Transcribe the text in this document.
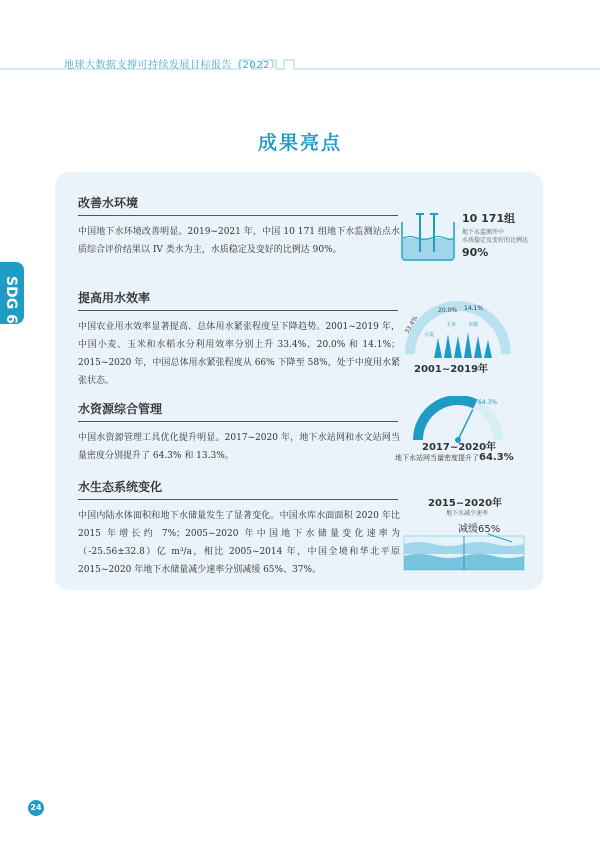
地球大数据支撑可持续发展目标报告（2022）
成果亮点
SDG 6
改善水环境
中国地下水环境改善明显。2019~2021 年，中国 10 171 组地下水监测站点水质综合评价结果以 IV 类水为主，水质稳定及变好的比例达 90%。
提高用水效率
中国农业用水效率显著提高、总体用水紧张程度呈下降趋势。2001~2019 年，中国小麦、玉米和水稻水分利用效率分别上升 33.4%、20.0% 和 14.1%；2015~2020 年，中国总体用水紧张程度从 66% 下降至 58%，处于中度用水紧张状态。
水资源综合管理
中国水资源管理工具优化提升明显。2017~2020 年，地下水站网和水文站网当量密度分别提升了 64.3% 和 13.3%。
水生态系统变化
中国内陆水体面积和地下水储量发生了显著变化。中国水库水面面积 2020 年比 2015 年增长约 7%；2005~2020 年中国地下水储量变化速率为（-25.56±32.8）亿 m³/a，相比 2005~2014 年，中国全境和华北平原 2015~2020 年地下水储量减少速率分别减缓 65%、37%。
10 171组
地下水监测井中
水质稳定及变好的比例达
90%
33.4%
20.0% 14.1%
小麦
玉米 水稻
2001~2019年
64.3%
2017~2020年
地下水站网当量密度提升了64.3%
2015~2020年
地下水减少速率
减缓65%
24
